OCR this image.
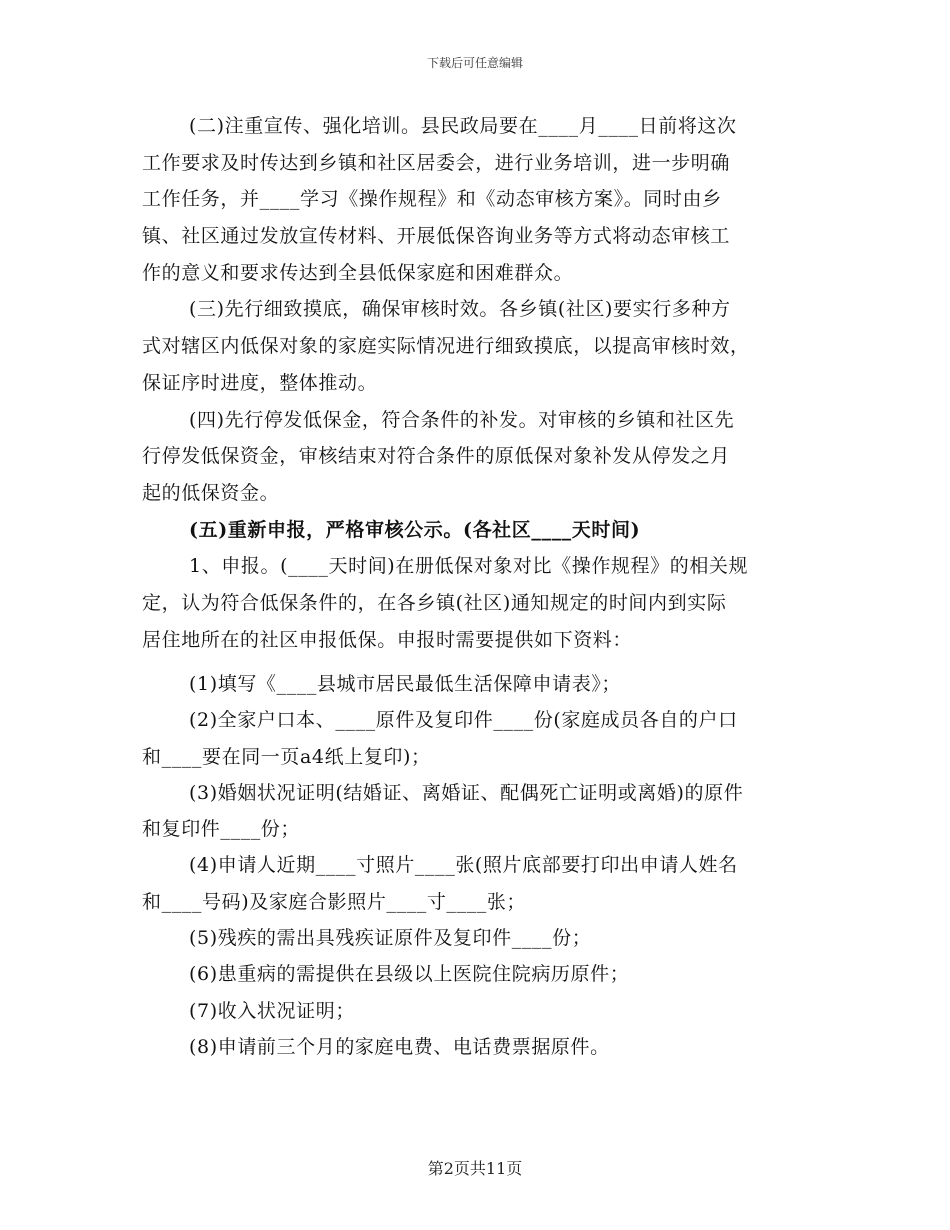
下载后可任意编辑
(二)注重宣传、强化培训。县民政局要在____月____日前将这次
工作要求及时传达到乡镇和社区居委会，进行业务培训，进一步明确
工作任务，并____学习《操作规程》和《动态审核方案》。同时由乡
镇、社区通过发放宣传材料、开展低保咨询业务等方式将动态审核工
作的意义和要求传达到全县低保家庭和困难群众。
(三)先行细致摸底，确保审核时效。各乡镇(社区)要实行多种方
式对辖区内低保对象的家庭实际情况进行细致摸底，以提高审核时效，
保证序时进度，整体推动。
(四)先行停发低保金，符合条件的补发。对审核的乡镇和社区先
行停发低保资金，审核结束对符合条件的原低保对象补发从停发之月
起的低保资金。
(五)重新申报，严格审核公示。(各社区____天时间)
1、申报。(____天时间)在册低保对象对比《操作规程》的相关规
定，认为符合低保条件的，在各乡镇(社区)通知规定的时间内到实际
居住地所在的社区申报低保。申报时需要提供如下资料：
(1)填写《____县城市居民最低生活保障申请表》；
(2)全家户口本、____原件及复印件____份(家庭成员各自的户口
和____要在同一页a4纸上复印)；
(3)婚姻状况证明(结婚证、离婚证、配偶死亡证明或离婚)的原件
和复印件____份；
(4)申请人近期____寸照片____张(照片底部要打印出申请人姓名
和____号码)及家庭合影照片____寸____张；
(5)残疾的需出具残疾证原件及复印件____份；
(6)患重病的需提供在县级以上医院住院病历原件；
(7)收入状况证明；
(8)申请前三个月的家庭电费、电话费票据原件。
第2页共11页
